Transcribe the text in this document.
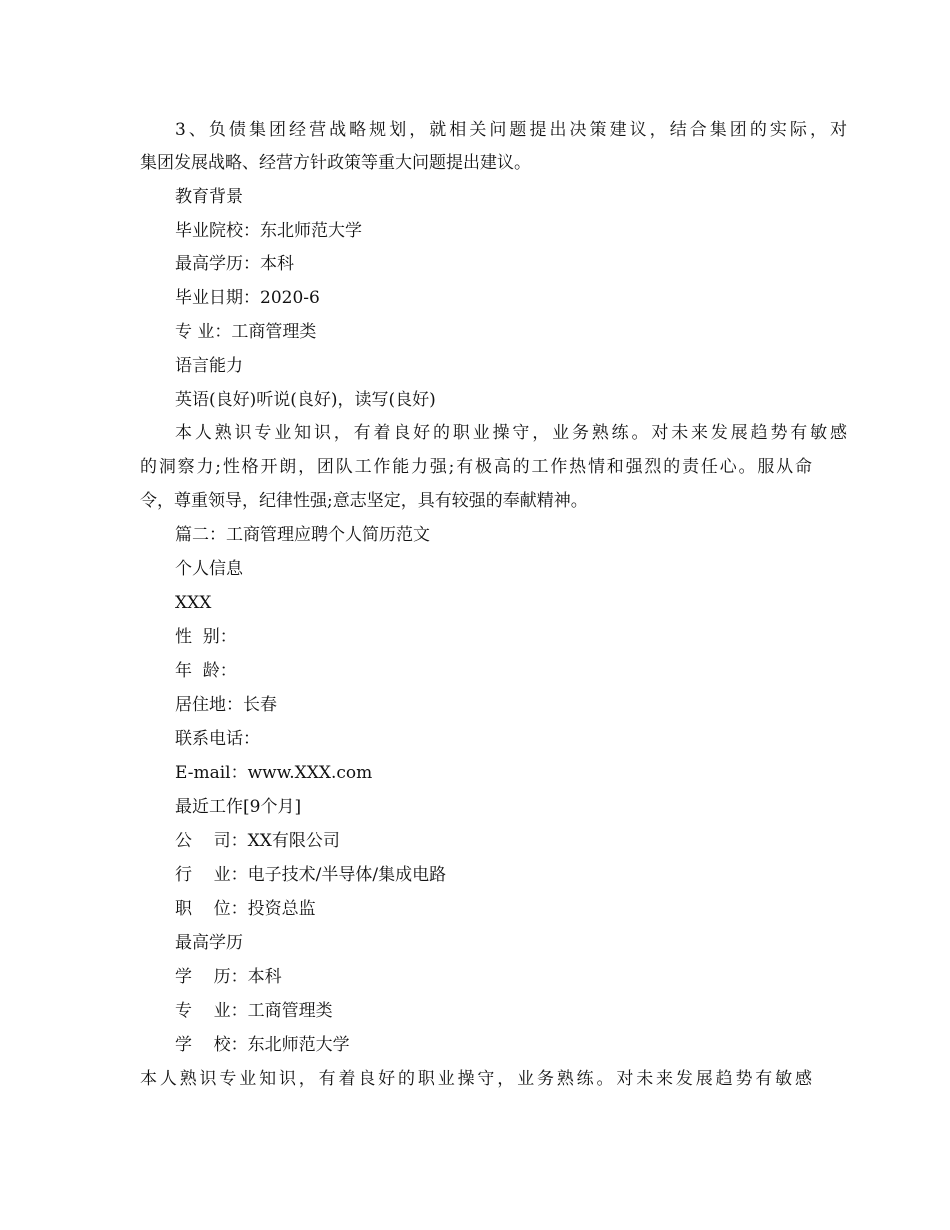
3、负债集团经营战略规划，就相关问题提出决策建议，结合集团的实际，对

集团发展战略、经营方针政策等重大问题提出建议。

教育背景

毕业院校：东北师范大学

最高学历：本科

毕业日期：2020-6

专 业：工商管理类

语言能力

英语(良好)听说(良好)，读写(良好)

本人熟识专业知识，有着良好的职业操守，业务熟练。对未来发展趋势有敏感

的洞察力;性格开朗，团队工作能力强;有极高的工作热情和强烈的责任心。服从命

令，尊重领导，纪律性强;意志坚定，具有较强的奉献精神。

篇二：工商管理应聘个人简历范文

个人信息

XXX

性  别：

年  龄：

居住地：长春

联系电话：

E-mail：www.XXX.com

最近工作[9个月]

公    司：XX有限公司

行    业：电子技术/半导体/集成电路

职    位：投资总监

最高学历

学    历：本科

专    业：工商管理类

学    校：东北师范大学

本人熟识专业知识，有着良好的职业操守，业务熟练。对未来发展趋势有敏感
